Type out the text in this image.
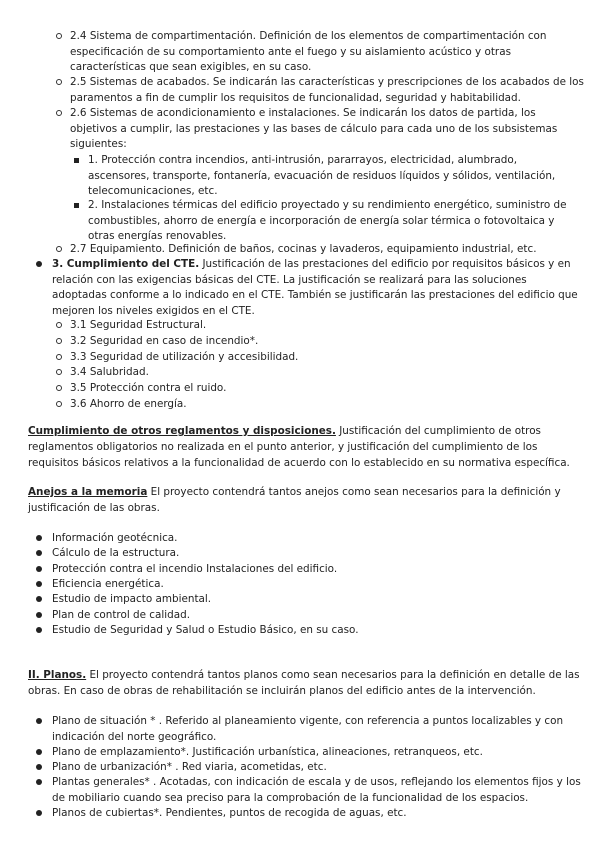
2.4 Sistema de compartimentación. Definición de los elementos de compartimentación con
especificación de su comportamiento ante el fuego y su aislamiento acústico y otras
características que sean exigibles, en su caso.
2.5 Sistemas de acabados. Se indicarán las características y prescripciones de los acabados de los
paramentos a fin de cumplir los requisitos de funcionalidad, seguridad y habitabilidad.
2.6 Sistemas de acondicionamiento e instalaciones. Se indicarán los datos de partida, los
objetivos a cumplir, las prestaciones y las bases de cálculo para cada uno de los subsistemas
siguientes:
1. Protección contra incendios, anti-intrusión, pararrayos, electricidad, alumbrado,
ascensores, transporte, fontanería, evacuación de residuos líquidos y sólidos, ventilación,
telecomunicaciones, etc.
2. Instalaciones térmicas del edificio proyectado y su rendimiento energético, suministro de
combustibles, ahorro de energía e incorporación de energía solar térmica o fotovoltaica y
otras energías renovables.
2.7 Equipamiento. Definición de baños, cocinas y lavaderos, equipamiento industrial, etc.
3. Cumplimiento del CTE. Justificación de las prestaciones del edificio por requisitos básicos y en
relación con las exigencias básicas del CTE. La justificación se realizará para las soluciones
adoptadas conforme a lo indicado en el CTE. También se justificarán las prestaciones del edificio que
mejoren los niveles exigidos en el CTE.
3.1 Seguridad Estructural.
3.2 Seguridad en caso de incendio*.
3.3 Seguridad de utilización y accesibilidad.
3.4 Salubridad.
3.5 Protección contra el ruido.
3.6 Ahorro de energía.
Cumplimiento de otros reglamentos y disposiciones. Justificación del cumplimiento de otros
reglamentos obligatorios no realizada en el punto anterior, y justificación del cumplimiento de los
requisitos básicos relativos a la funcionalidad de acuerdo con lo establecido en su normativa específica.
Anejos a la memoria El proyecto contendrá tantos anejos como sean necesarios para la definición y
justificación de las obras.
Información geotécnica.
Cálculo de la estructura.
Protección contra el incendio Instalaciones del edificio.
Eficiencia energética.
Estudio de impacto ambiental.
Plan de control de calidad.
Estudio de Seguridad y Salud o Estudio Básico, en su caso.
II. Planos. El proyecto contendrá tantos planos como sean necesarios para la definición en detalle de las
obras. En caso de obras de rehabilitación se incluirán planos del edificio antes de la intervención.
Plano de situación * . Referido al planeamiento vigente, con referencia a puntos localizables y con
indicación del norte geográfico.
Plano de emplazamiento*. Justificación urbanística, alineaciones, retranqueos, etc.
Plano de urbanización* . Red viaria, acometidas, etc.
Plantas generales* . Acotadas, con indicación de escala y de usos, reflejando los elementos fijos y los
de mobiliario cuando sea preciso para la comprobación de la funcionalidad de los espacios.
Planos de cubiertas*. Pendientes, puntos de recogida de aguas, etc.
